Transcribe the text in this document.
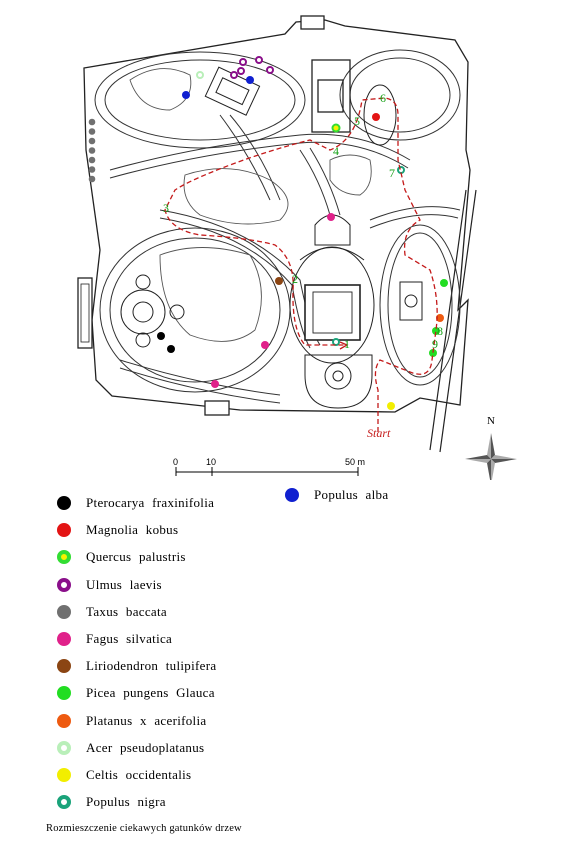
Start
1
2
3
4
5
6
7
8
9
N
0	10	50 m
Pterocarya fraxinifolia
Magnolia kobus
Quercus palustris
Ulmus laevis
Taxus baccata
Fagus silvatica
Liriodendron tulipifera
Picea pungens Glauca
Platanus x acerifolia
Acer pseudoplatanus
Celtis occidentalis
Populus nigra
Populus alba
Rozmieszczenie ciekawych gatunków drzew
